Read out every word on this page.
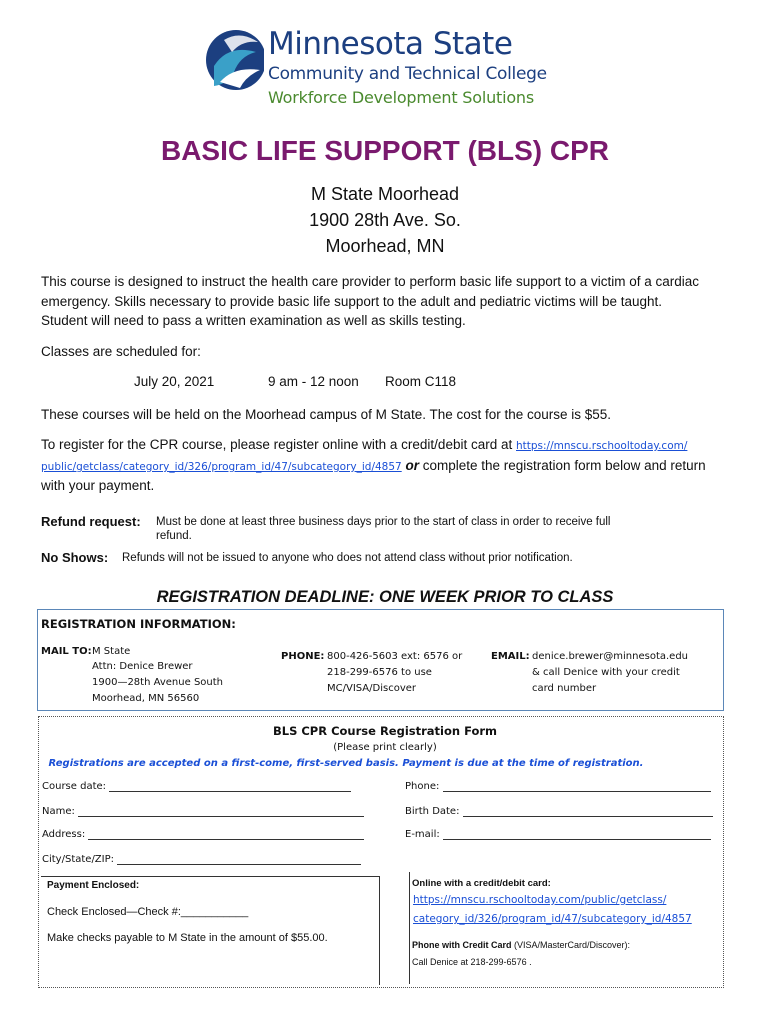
Minnesota State
Community and Technical College
Workforce Development Solutions
BASIC LIFE SUPPORT (BLS) CPR
M State Moorhead
1900 28th Ave. So.
Moorhead, MN
This course is designed to instruct the health care provider to perform basic life support to a victim of a cardiac
emergency. Skills necessary to provide basic life support to the adult and pediatric victims will be taught.
Student will need to pass a written examination as well as skills testing.
Classes are scheduled for:
July 20, 2021	9 am - 12 noon Room C118
These courses will be held on the Moorhead campus of M State. The cost for the course is $55.
To register for the CPR course, please register online with a credit/debit card at https://mnscu.rschooltoday.com/
public/getclass/category_id/326/program_id/47/subcategory_id/4857 or complete the registration form below and return
with your payment.
Refund request: Must be done at least three business days prior to the start of class in order to receive full
refund.
No Shows: Refunds will not be issued to anyone who does not attend class without prior notification.
REGISTRATION DEADLINE: ONE WEEK PRIOR TO CLASS
REGISTRATION INFORMATION:
MAIL TO: M State
Attn: Denice Brewer
1900—28th Avenue South
Moorhead, MN 56560
PHONE: 800-426-5603 ext: 6576 or
218-299-6576 to use
MC/VISA/Discover
EMAIL: denice.brewer@minnesota.edu
& call Denice with your credit
card number
BLS CPR Course Registration Form
(Please print clearly)
Registrations are accepted on a first-come, first-served basis. Payment is due at the time of registration.
Course date:	Phone:
Name:	Birth Date:
Address:	E-mail:
City/State/ZIP:
Payment Enclosed:
Check Enclosed—Check #:___________
Make checks payable to M State in the amount of $55.00.
Online with a credit/debit card:
https://mnscu.rschooltoday.com/public/getclass/
category_id/326/program_id/47/subcategory_id/4857
Phone with Credit Card (VISA/MasterCard/Discover):
Call Denice at 218-299-6576 .
